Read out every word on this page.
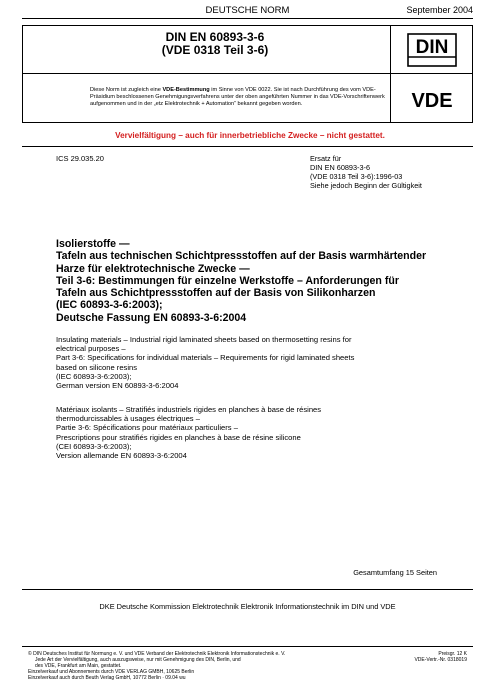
DEUTSCHE NORM	September 2004
DIN EN 60893-3-6
(VDE 0318 Teil 3-6)	DIN
VDE
Diese Norm ist zugleich eine VDE-Bestimmung im Sinne von VDE 0022. Sie ist nach Durchführung des vom VDE-Präsidium beschlossenen Genehmigungsverfahrens unter der oben angeführten Nummer in das VDE-Vorschriftenwerk aufgenommen und in der „etz Elektrotechnik + Automation“ bekannt gegeben worden.
Vervielfältigung – auch für innerbetriebliche Zwecke – nicht gestattet.
ICS 29.035.20	Ersatz für
DIN EN 60893-3-6
(VDE 0318 Teil 3-6):1996-03
Siehe jedoch Beginn der Gültigkeit
Isolierstoffe —
Tafeln aus technischen Schichtpressstoffen auf der Basis warmhärtender
Harze für elektrotechnische Zwecke —
Teil 3-6: Bestimmungen für einzelne Werkstoffe – Anforderungen für
Tafeln aus Schichtpressstoffen auf der Basis von Silikonharzen
(IEC 60893-3-6:2003);
Deutsche Fassung EN 60893-3-6:2004
Insulating materials – Industrial rigid laminated sheets based on thermosetting resins for
electrical purposes –
Part 3-6: Specifications for individual materials – Requirements for rigid laminated sheets
based on silicone resins
(IEC 60893-3-6:2003);
German version EN 60893-3-6:2004
Matériaux isolants – Stratifiés industriels rigides en planches à base de résines
thermodurcissables à usages électriques –
Partie 3-6: Spécifications pour matériaux particuliers –
Prescriptions pour stratifiés rigides en planches à base de résine silicone
(CEI 60893-3-6:2003);
Version allemande EN 60893-3-6:2004
Gesamtumfang 15 Seiten
DKE Deutsche Kommission Elektrotechnik Elektronik Informationstechnik im DIN und VDE
© DIN Deutsches Institut für Normung e. V. und VDE Verband der Elektrotechnik Elektronik Informationstechnik e. V.
Jede Art der Vervielfältigung, auch auszugsweise, nur mit Genehmigung des DIN, Berlin, und
des VDE, Frankfurt am Main, gestattet.
Einzelverkauf und Abonnements durch VDE VERLAG GMBH, 10625 Berlin
Einzelverkauf auch durch Beuth Verlag GmbH, 10772 Berlin · 09.04 wu
Preisgr. 12 K
VDE-Vertr.-Nr. 0318019
